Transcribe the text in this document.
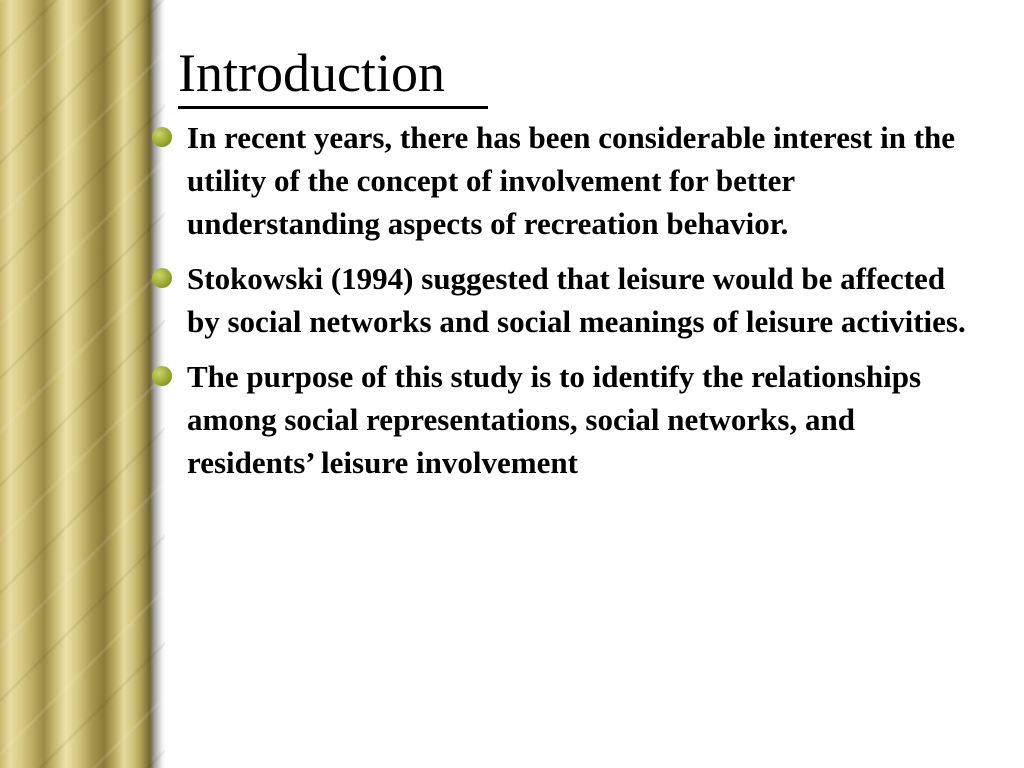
Introduction
In recent years, there has been considerable interest in the utility of the concept of involvement for better understanding aspects of recreation behavior.
Stokowski (1994) suggested that leisure would be affected by social networks and social meanings of leisure activities.
The purpose of this study is to identify the relationships among social representations, social networks, and residents’ leisure involvement
